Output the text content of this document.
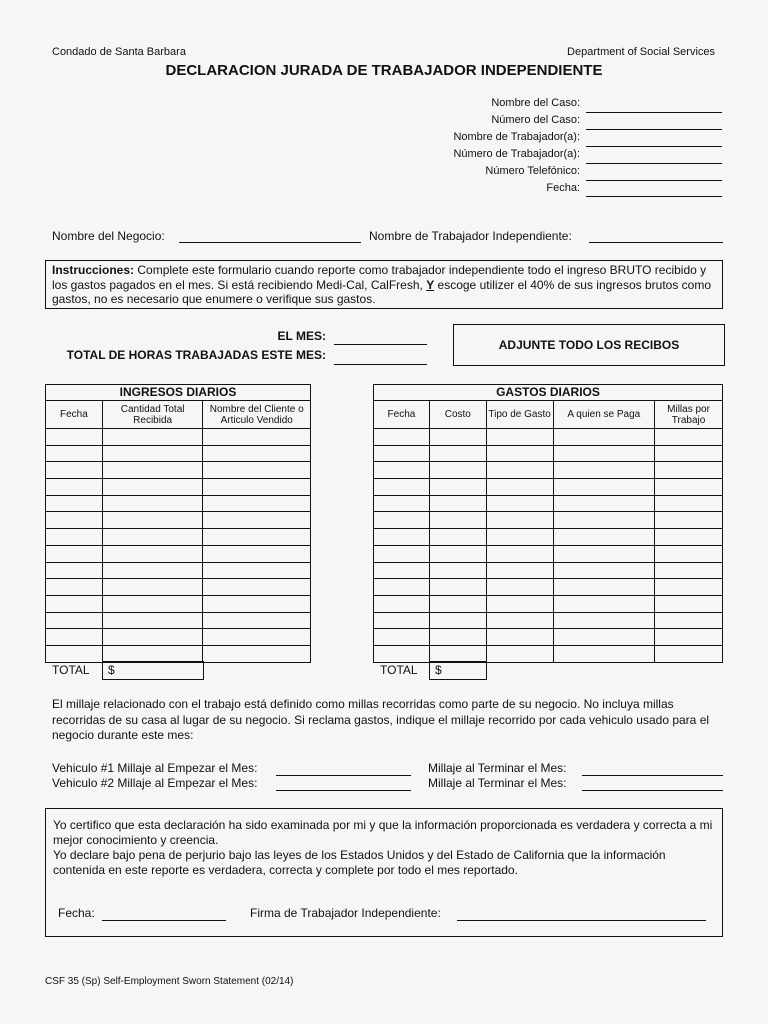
Condado de Santa Barbara	Department of Social Services
DECLARACION JURADA DE TRABAJADOR INDEPENDIENTE
Nombre del Caso:
Número del Caso:
Nombre de Trabajador(a):
Número de Trabajador(a):
Número Telefónico:
Fecha:
Nombre del Negocio:	Nombre de Trabajador Independiente:
Instrucciones: Complete este formulario cuando reporte como trabajador independiente todo el ingreso BRUTO recibido y los gastos pagados en el mes. Si está recibiendo Medi-Cal, CalFresh, Y escoge utilizer el 40% de sus ingresos brutos como gastos, no es necesario que enumere o verifique sus gastos.
EL MES:
TOTAL DE HORAS TRABAJADAS ESTE MES:
ADJUNTE TODO LOS RECIBOS
INGRESOS DIARIOS		
Fecha	Cantidad Total Recibida	Nombre del Cliente o Articulo Vendido

TOTAL	$
GASTOS DIARIOS				
Fecha	Costo	Tipo de Gasto	A quien se Paga	Millas por Trabajo

TOTAL	$
El millaje relacionado con el trabajo está definido como millas recorridas como parte de su negocio. No incluya millas recorridas de su casa al lugar de su negocio. Si reclama gastos, indique el millaje recorrido por cada vehiculo usado para el negocio durante este mes:
Vehiculo #1 Millaje al Empezar el Mes:	Millaje al Terminar el Mes:
Vehiculo #2 Millaje al Empezar el Mes:	Millaje al Terminar el Mes:
Yo certifico que esta declaración ha sido examinada por mi y que la información proporcionada es verdadera y correcta a mi mejor conocimiento y creencia.
Yo declare bajo pena de perjurio bajo las leyes de los Estados Unidos y del Estado de California que la información contenida en este reporte es verdadera, correcta y complete por todo el mes reportado.
Fecha:	Firma de Trabajador Independiente:
CSF 35 (Sp) Self-Employment Sworn Statement (02/14)
